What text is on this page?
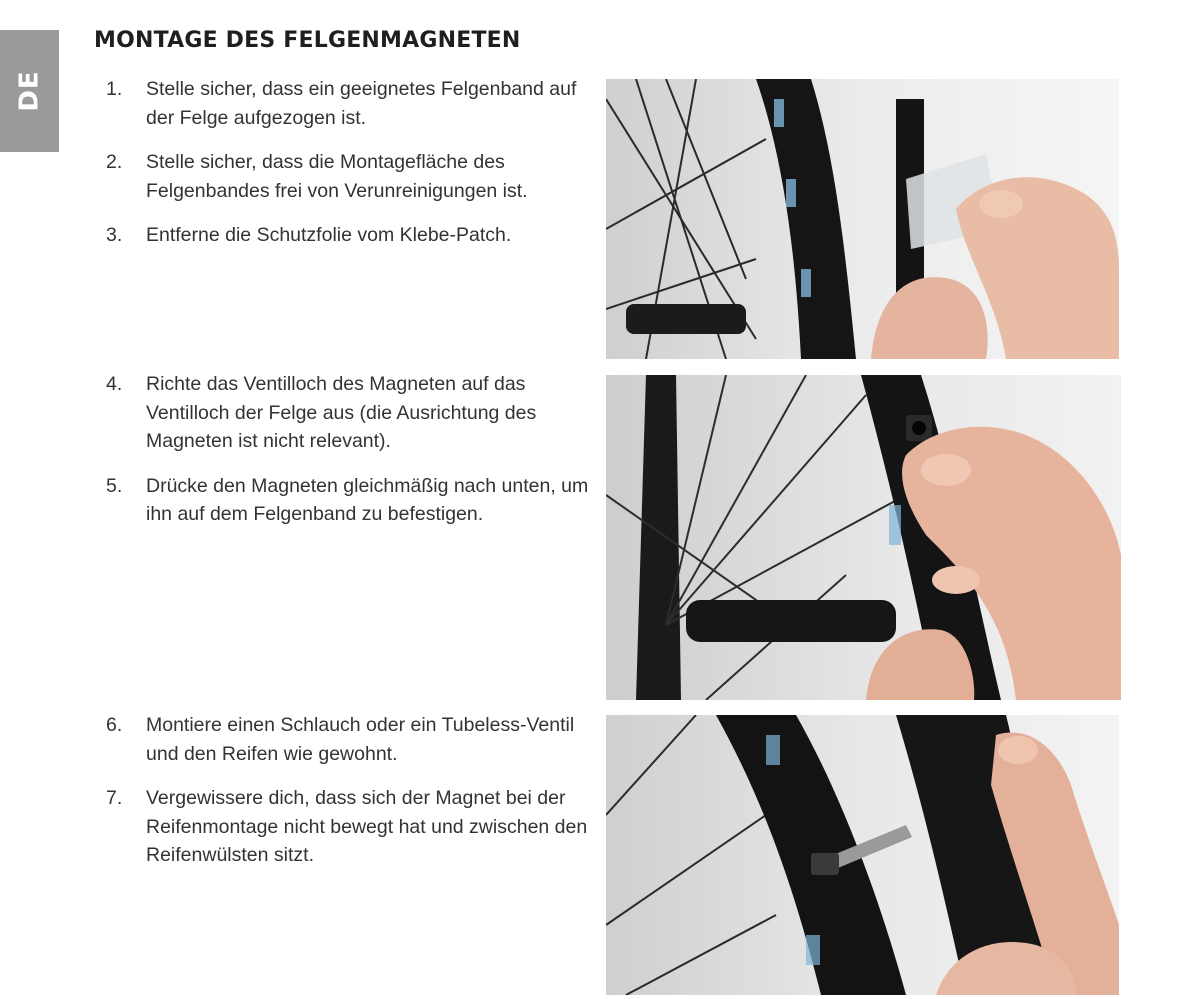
DE
MONTAGE DES FELGENMAGNETEN
1.	Stelle sicher, dass ein geeignetes Felgenband auf der Felge aufgezogen ist.
2.	Stelle sicher, dass die Montagefläche des Felgenbandes frei von Verunreinigungen ist.
3.	Entferne die Schutzfolie vom Klebe-Patch.
4.	Richte das Ventilloch des Magneten auf das Ventilloch der Felge aus (die Ausrichtung des Magneten ist nicht relevant).
5.	Drücke den Magneten gleichmäßig nach unten, um ihn auf dem Felgenband zu befestigen.
6.	Montiere einen Schlauch oder ein Tubeless-Ventil und den Reifen wie gewohnt.
7.	Vergewissere dich, dass sich der Magnet bei der Reifenmontage nicht bewegt hat und zwischen den Reifenwülsten sitzt.
